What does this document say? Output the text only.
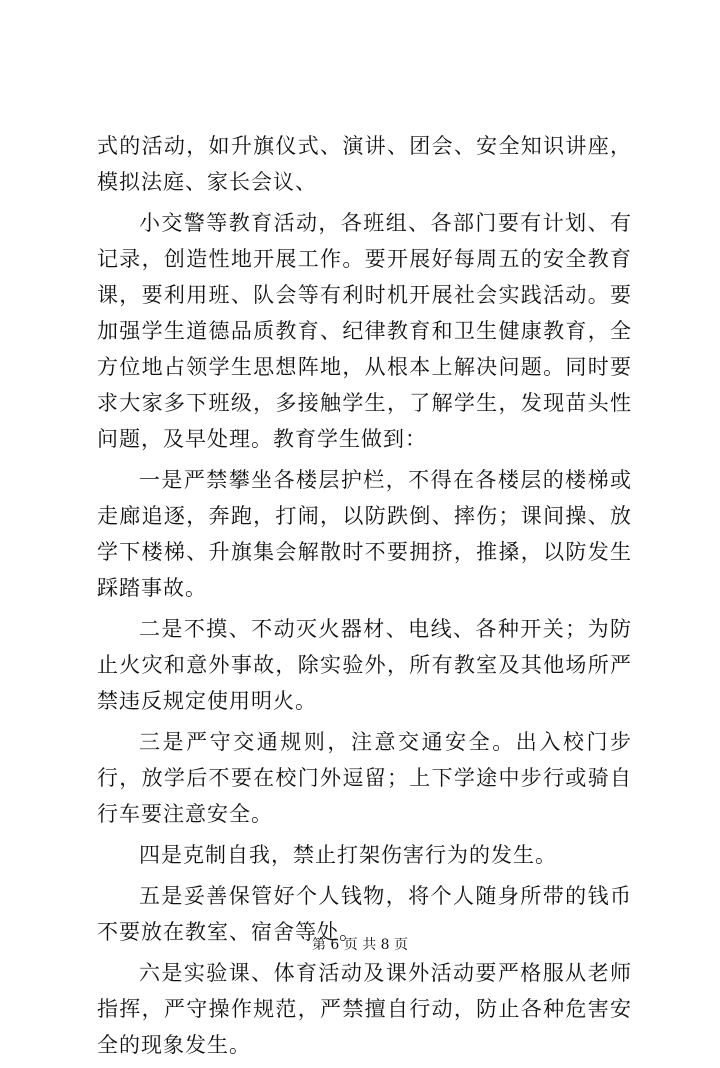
式的活动，如升旗仪式、演讲、团会、安全知识讲座，模拟法庭、家长会议、

小交警等教育活动，各班组、各部门要有计划、有记录，创造性地开展工作。要开展好每周五的安全教育课，要利用班、队会等有利时机开展社会实践活动。要加强学生道德品质教育、纪律教育和卫生健康教育，全方位地占领学生思想阵地，从根本上解决问题。同时要求大家多下班级，多接触学生，了解学生，发现苗头性问题，及早处理。教育学生做到：

一是严禁攀坐各楼层护栏，不得在各楼层的楼梯或走廊追逐，奔跑，打闹，以防跌倒、摔伤；课间操、放学下楼梯、升旗集会解散时不要拥挤，推搡，以防发生踩踏事故。

二是不摸、不动灭火器材、电线、各种开关；为防止火灾和意外事故，除实验外，所有教室及其他场所严禁违反规定使用明火。

三是严守交通规则，注意交通安全。出入校门步行，放学后不要在校门外逗留；上下学途中步行或骑自行车要注意安全。

四是克制自我，禁止打架伤害行为的发生。

五是妥善保管好个人钱物，将个人随身所带的钱币不要放在教室、宿舍等处。

六是实验课、体育活动及课外活动要严格服从老师指挥，严守操作规范，严禁擅自行动，防止各种危害安全的现象发生。

第 6 页 共 8 页
